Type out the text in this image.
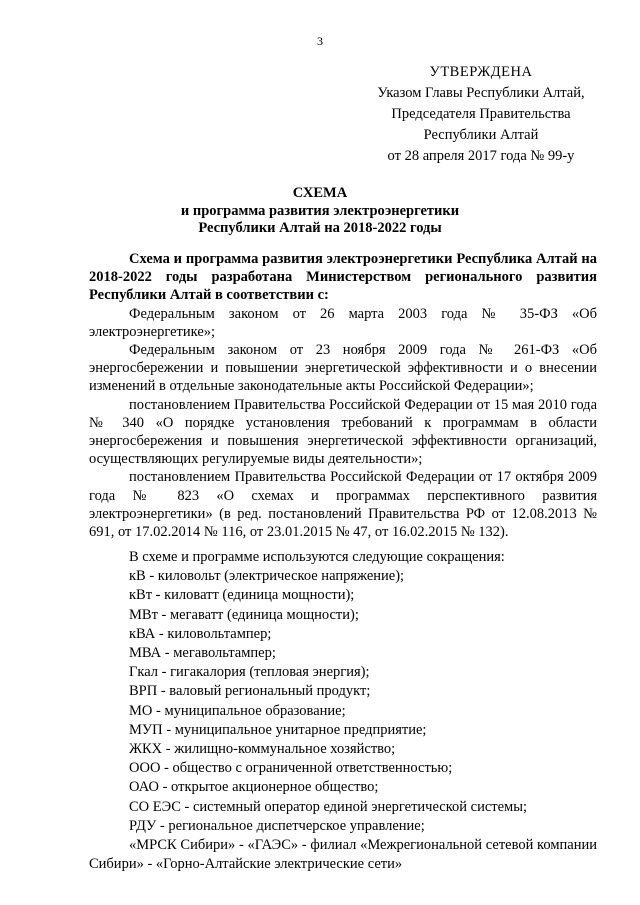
3
УТВЕРЖДЕНА
Указом Главы Республики Алтай,
Председателя Правительства
Республики Алтай
от 28 апреля 2017 года № 99-у
СХЕМА
и программа развития электроэнергетики
Республики Алтай на 2018-2022 годы

Схема и программа развития электроэнергетики Республика Алтай на 2018-2022 годы разработана Министерством регионального развития Республики Алтай в соответствии с:

Федеральным законом от 26 марта 2003 года № 35-ФЗ «Об электроэнергетике»;

Федеральным законом от 23 ноября 2009 года № 261-ФЗ «Об энергосбережении и повышении энергетической эффективности и о внесении изменений в отдельные законодательные акты Российской Федерации»;

постановлением Правительства Российской Федерации от 15 мая 2010 года № 340 «О порядке установления требований к программам в области энергосбережения и повышения энергетической эффективности организаций, осуществляющих регулируемые виды деятельности»;

постановлением Правительства Российской Федерации от 17 октября 2009 года № 823 «О схемах и программах перспективного развития электроэнергетики» (в ред. постановлений Правительства РФ от 12.08.2013 № 691, от 17.02.2014 № 116, от 23.01.2015 № 47, от 16.02.2015 № 132).

В схеме и программе используются следующие сокращения:

кВ - киловольт (электрическое напряжение);

кВт - киловатт (единица мощности);

МВт - мегаватт (единица мощности);

кВА - киловольтампер;

МВА - мегавольтампер;

Гкал - гигакалория (тепловая энергия);

ВРП - валовый региональный продукт;

МО - муниципальное образование;

МУП - муниципальное унитарное предприятие;

ЖКХ - жилищно-коммунальное хозяйство;

ООО - общество с ограниченной ответственностью;

ОАО - открытое акционерное общество;

СО ЕЭС - системный оператор единой энергетической системы;

РДУ - региональное диспетчерское управление;

«МРСК Сибири» - «ГАЭС» - филиал «Межрегиональной сетевой компании Сибири» - «Горно-Алтайские электрические сети»
